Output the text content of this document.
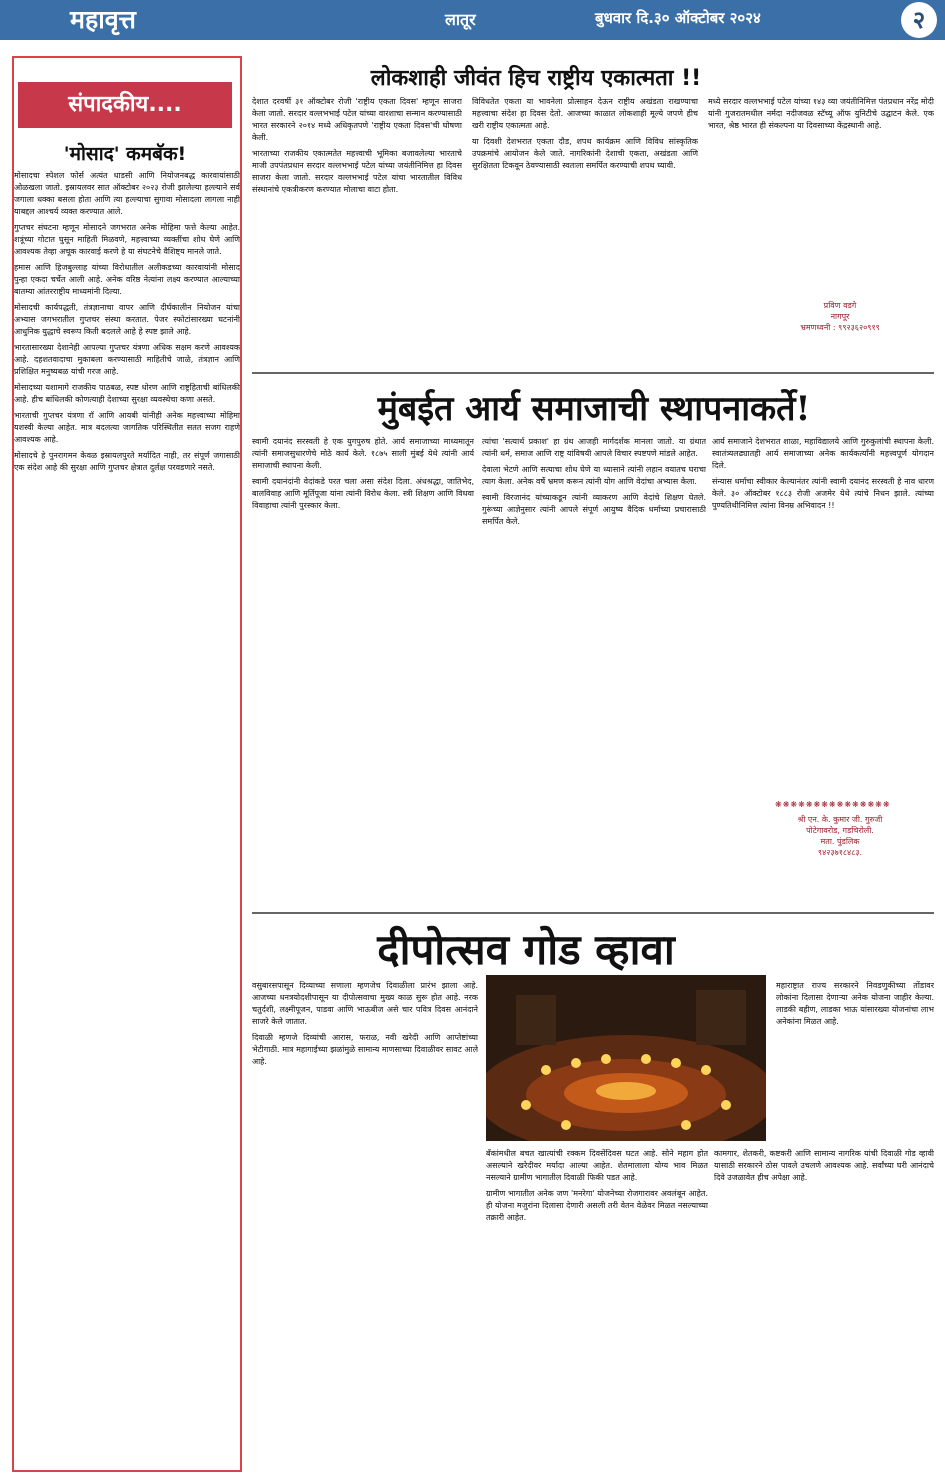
महावृत्त	लातूर	बुधवार दि.३० ऑक्टोबर २०२४	२
संपादकीय....
'मोसाद' कमबॅक!

मोसादचा स्पेशल फोर्स अत्यंत धाडसी आणि नियोजनबद्ध कारवायांसाठी ओळखला जातो. इस्रायलवर सात ऑक्टोबर २०२३ रोजी झालेल्या हल्ल्याने सर्व जगाला धक्का बसला होता आणि त्या हल्ल्याचा सुगावा मोसादला लागला नाही याबद्दल आश्चर्य व्यक्त करण्यात आले.

गुप्तचर संघटना म्हणून मोसादने जगभरात अनेक मोहिमा फत्ते केल्या आहेत. शत्रूंच्या गोटात घुसून माहिती मिळवणे, महत्त्वाच्या व्यक्तींचा शोध घेणे आणि आवश्यक तेव्हा अचूक कारवाई करणे हे या संघटनेचे वैशिष्ट्य मानले जाते.

हमास आणि हिजबुल्लाह यांच्या विरोधातील अलीकडच्या कारवायांनी मोसाद पुन्हा एकदा चर्चेत आली आहे. अनेक वरिष्ठ नेत्यांना लक्ष्य करण्यात आल्याच्या बातम्या आंतरराष्ट्रीय माध्यमांनी दिल्या.

मोसादची कार्यपद्धती, तंत्रज्ञानाचा वापर आणि दीर्घकालीन नियोजन यांचा अभ्यास जगभरातील गुप्तचर संस्था करतात. पेजर स्फोटांसारख्या घटनांनी आधुनिक युद्धाचे स्वरूप किती बदलले आहे हे स्पष्ट झाले आहे.

भारतासारख्या देशानेही आपल्या गुप्तचर यंत्रणा अधिक सक्षम करणे आवश्यक आहे. दहशतवादाचा मुकाबला करण्यासाठी माहितीचे जाळे, तंत्रज्ञान आणि प्रशिक्षित मनुष्यबळ यांची गरज आहे.

मोसादच्या यशामागे राजकीय पाठबळ, स्पष्ट धोरण आणि राष्ट्रहिताची बांधिलकी आहे. हीच बांधिलकी कोणत्याही देशाच्या सुरक्षा व्यवस्थेचा कणा असते.

भारताची गुप्तचर यंत्रणा रॉ आणि आयबी यांनीही अनेक महत्त्वाच्या मोहिमा यशस्वी केल्या आहेत. मात्र बदलत्या जागतिक परिस्थितीत सतत सजग राहणे आवश्यक आहे.

मोसादचे हे पुनरागमन केवळ इस्रायलपुरते मर्यादित नाही, तर संपूर्ण जगासाठी एक संदेश आहे की सुरक्षा आणि गुप्तचर क्षेत्रात दुर्लक्ष परवडणारे नसते.

लोकशाही जीवंत हिच राष्ट्रीय एकात्मता !!

देशात दरवर्षी ३१ ऑक्टोबर रोजी 'राष्ट्रीय एकता दिवस' म्हणून साजरा केला जातो. सरदार वल्लभभाई पटेल यांच्या वारशाचा सन्मान करण्यासाठी भारत सरकारने २०१४ मध्ये अधिकृतपणे 'राष्ट्रीय एकता दिवस'ची घोषणा केली.

भारताच्या राजकीय एकात्मतेत महत्त्वाची भूमिका बजावलेल्या भारताचे माजी उपपंतप्रधान सरदार वल्लभभाई पटेल यांच्या जयंतीनिमित्त हा दिवस साजरा केला जातो. सरदार वल्लभभाई पटेल यांचा भारतातील विविध संस्थानांचे एकत्रीकरण करण्यात मोलाचा वाटा होता.

विविधतेत एकता या भावनेला प्रोत्साहन देऊन राष्ट्रीय अखंडता राखण्याचा महत्त्वाचा संदेश हा दिवस देतो. आजच्या काळात लोकशाही मूल्ये जपणे हीच खरी राष्ट्रीय एकात्मता आहे.

या दिवशी देशभरात एकता दौड, शपथ कार्यक्रम आणि विविध सांस्कृतिक उपक्रमांचे आयोजन केले जाते. नागरिकांनी देशाची एकता, अखंडता आणि सुरक्षितता टिकवून ठेवण्यासाठी स्वतःला समर्पित करण्याची शपथ घ्यावी.

मध्ये सरदार वल्लभभाई पटेल यांच्या १४३ व्या जयंतीनिमित्त पंतप्रधान नरेंद्र मोदी यांनी गुजरातमधील नर्मदा नदीजवळ स्टॅच्यू ऑफ युनिटीचे उद्घाटन केले. एक भारत, श्रेष्ठ भारत ही संकल्पना या दिवसाच्या केंद्रस्थानी आहे.

प्रविण वडगे
नागपूर
भ्रमणध्वनी : ९९२३६२०९१९
मुंबईत आर्य समाजाची स्थापनाकर्ते!

स्वामी दयानंद सरस्वती हे एक युगपुरुष होते. आर्य समाजाच्या माध्यमातून त्यांनी समाजसुधारणेचे मोठे कार्य केले. १८७५ साली मुंबई येथे त्यांनी आर्य समाजाची स्थापना केली.

स्वामी दयानंदांनी वेदांकडे परत चला असा संदेश दिला. अंधश्रद्धा, जातिभेद, बालविवाह आणि मूर्तिपूजा यांना त्यांनी विरोध केला. स्त्री शिक्षण आणि विधवा विवाहाचा त्यांनी पुरस्कार केला.

त्यांचा 'सत्यार्थ प्रकाश' हा ग्रंथ आजही मार्गदर्शक मानला जातो. या ग्रंथात त्यांनी धर्म, समाज आणि राष्ट्र यांविषयी आपले विचार स्पष्टपणे मांडले आहेत.

देवाला भेटणे आणि सत्याचा शोध घेणे या ध्यासाने त्यांनी लहान वयातच घराचा त्याग केला. अनेक वर्षे भ्रमण करून त्यांनी योग आणि वेदांचा अभ्यास केला.

स्वामी विरजानंद यांच्याकडून त्यांनी व्याकरण आणि वेदांचे शिक्षण घेतले. गुरूंच्या आज्ञेनुसार त्यांनी आपले संपूर्ण आयुष्य वैदिक धर्माच्या प्रचारासाठी समर्पित केले.

आर्य समाजाने देशभरात शाळा, महाविद्यालये आणि गुरुकुलांची स्थापना केली. स्वातंत्र्यलढ्यातही आर्य समाजाच्या अनेक कार्यकर्त्यांनी महत्त्वपूर्ण योगदान दिले.

संन्यास धर्माचा स्वीकार केल्यानंतर त्यांनी स्वामी दयानंद सरस्वती हे नाव धारण केले. ३० ऑक्टोबर १८८३ रोजी अजमेर येथे त्यांचे निधन झाले. त्यांच्या पुण्यतिथीनिमित्त त्यांना विनम्र अभिवादन !!

❋❋❋❋❋❋❋❋❋❋❋❋❋❋❋
श्री एन. के. कुमार जी. गुरुजी
पोटेगावरोड, गडचिरोली.
मता. पुंडलिक
९४२३७१८४८३.
दीपोत्सव गोड व्हावा

वसुबारसपासून दिव्याच्या सणाला म्हणजेच दिवाळीला प्रारंभ झाला आहे. आजच्या धनत्रयोदशीपासून या दीपोत्सवाचा मुख्य काळ सुरू होत आहे. नरक चतुर्दशी, लक्ष्मीपूजन, पाडवा आणि भाऊबीज असे चार पवित्र दिवस आनंदाने साजरे केले जातात.

दिवाळी म्हणजे दिव्यांची आरास, फराळ, नवी खरेदी आणि आप्तेष्टांच्या भेटीगाठी. मात्र महागाईच्या झळांमुळे सामान्य माणसाच्या दिवाळीवर सावट आले आहे.

बँकांमधील बचत खात्यांची रक्कम दिवसेंदिवस घटत आहे. सोने महाग होत असल्याने खरेदीवर मर्यादा आल्या आहेत. शेतमालाला योग्य भाव मिळत नसल्याने ग्रामीण भागातील दिवाळी फिकी पडत आहे.

ग्रामीण भागातील अनेक जण 'मनरेगा' योजनेच्या रोजगारावर अवलंबून आहेत. ही योजना मजुरांना दिलासा देणारी असली तरी वेतन वेळेवर मिळत नसल्याच्या तक्रारी आहेत.

महाराष्ट्रात राज्य सरकारने निवडणुकीच्या तोंडावर लोकांना दिलासा देणाऱ्या अनेक योजना जाहीर केल्या. लाडकी बहीण, लाडका भाऊ यांसारख्या योजनांचा लाभ अनेकांना मिळत आहे.

कामगार, शेतकरी, कष्टकरी आणि सामान्य नागरिक यांची दिवाळी गोड व्हावी यासाठी सरकारने ठोस पावले उचलणे आवश्यक आहे. सर्वांच्या घरी आनंदाचे दिवे उजळावेत हीच अपेक्षा आहे.
